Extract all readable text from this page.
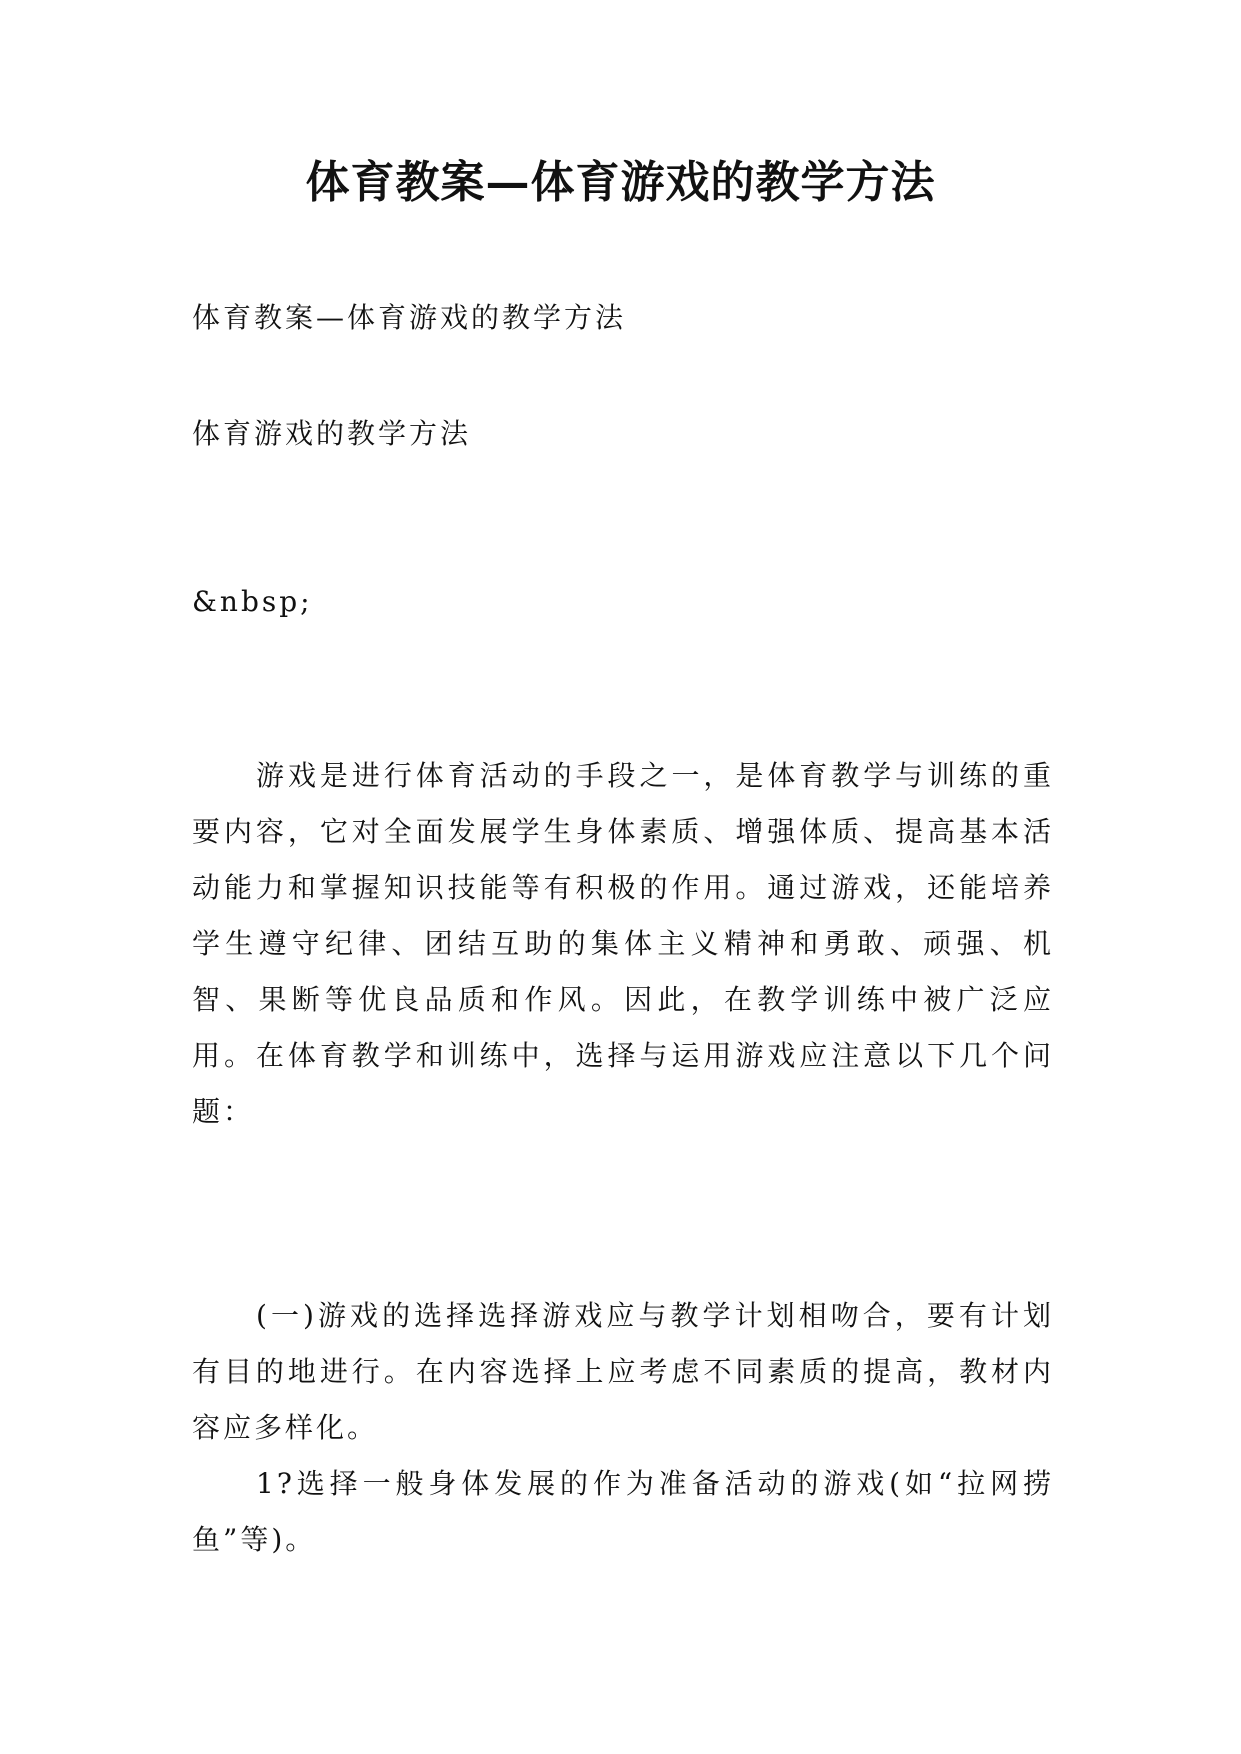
体育教案—体育游戏的教学方法

体育教案—体育游戏的教学方法

体育游戏的教学方法

&nbsp;

游戏是进行体育活动的手段之一，是体育教学与训练的重要内容，它对全面发展学生身体素质、增强体质、提高基本活动能力和掌握知识技能等有积极的作用。通过游戏，还能培养学生遵守纪律、团结互助的集体主义精神和勇敢、顽强、机智、果断等优良品质和作风。因此，在教学训练中被广泛应用。在体育教学和训练中，选择与运用游戏应注意以下几个问题：

(一)游戏的选择选择游戏应与教学计划相吻合，要有计划有目的地进行。在内容选择上应考虑不同素质的提高，教材内容应多样化。

1?选择一般身体发展的作为准备活动的游戏(如“拉网捞鱼”等)。
